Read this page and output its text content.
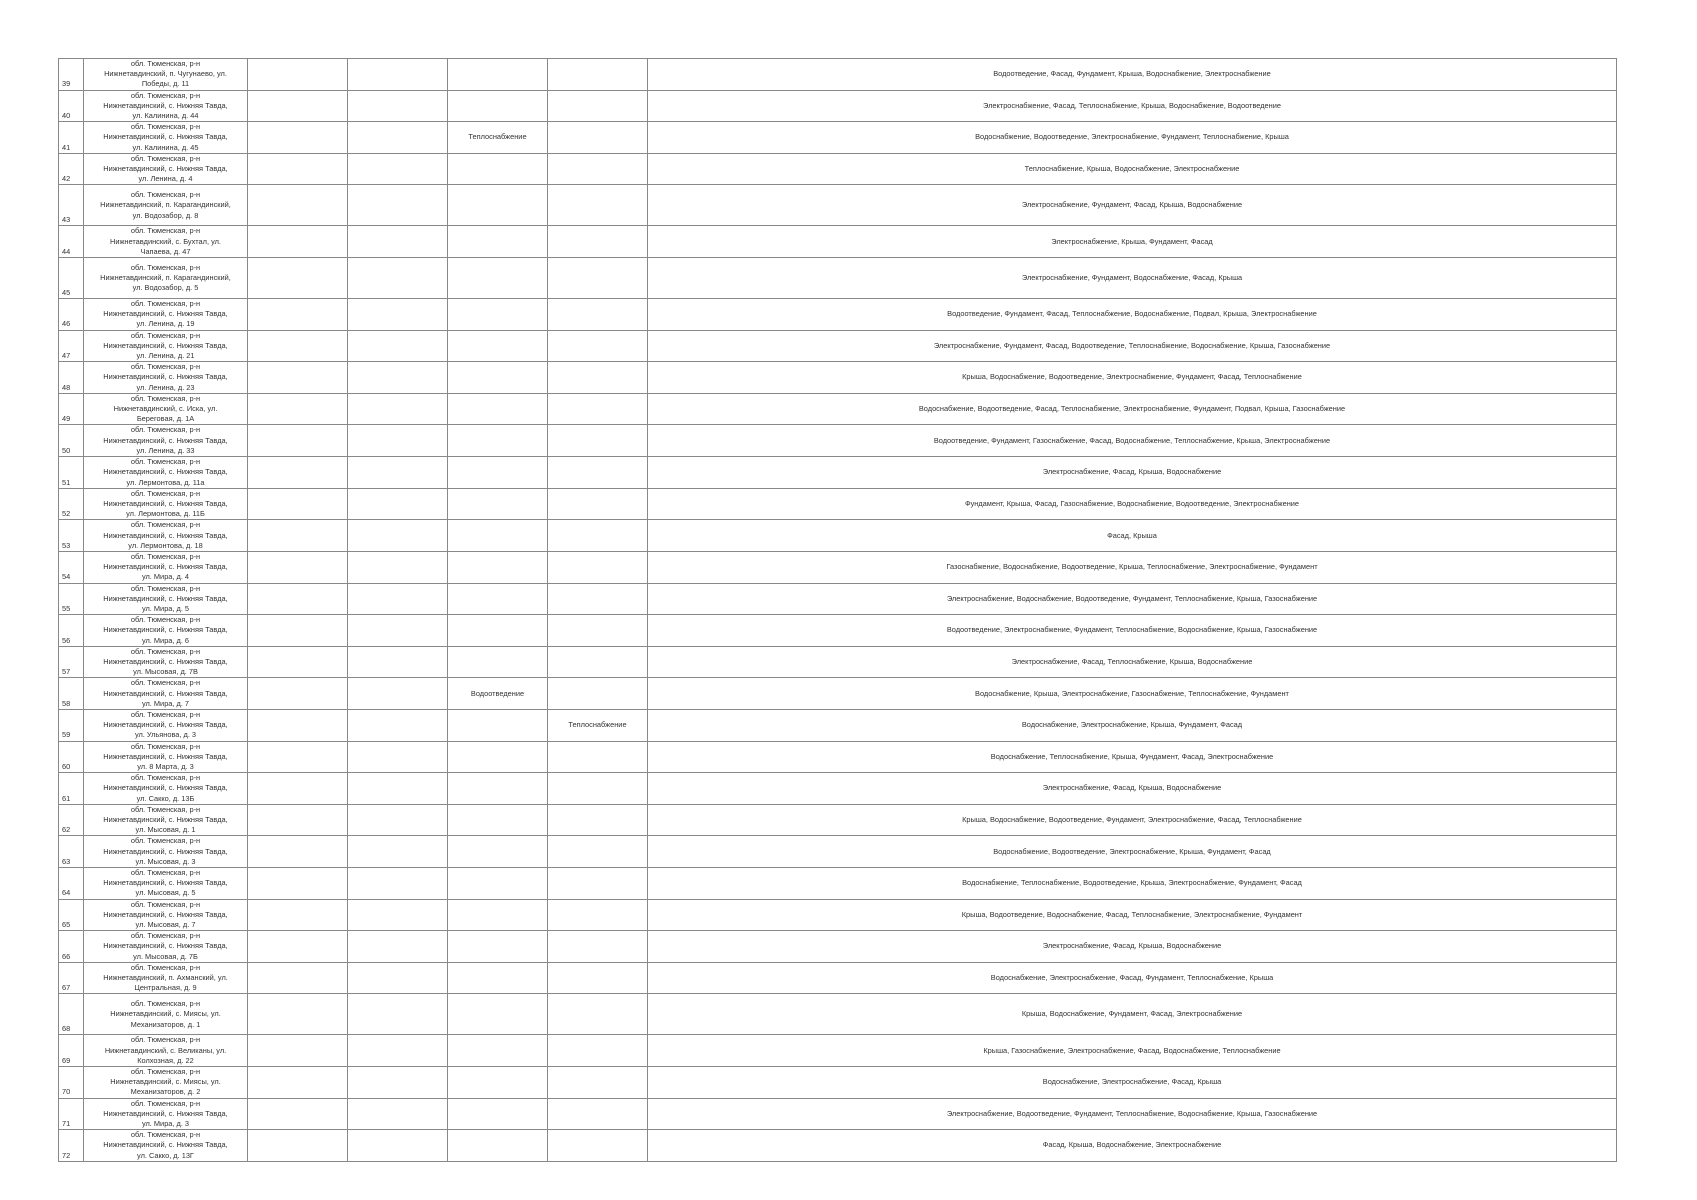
39	обл. Тюменская, р-н
Нижнетавдинский, п. Чугунаево, ул.
Победы, д. 11					Водоотведение, Фасад, Фундамент, Крыша, Водоснабжение, Электроснабжение
40	обл. Тюменская, р-н
Нижнетавдинский, с. Нижняя Тавда,
ул. Калинина, д. 44					Электроснабжение, Фасад, Теплоснабжение, Крыша, Водоснабжение, Водоотведение
41	обл. Тюменская, р-н
Нижнетавдинский, с. Нижняя Тавда,
ул. Калинина, д. 45			Теплоснабжение		Водоснабжение, Водоотведение, Электроснабжение, Фундамент, Теплоснабжение, Крыша
42	обл. Тюменская, р-н
Нижнетавдинский, с. Нижняя Тавда,
ул. Ленина, д. 4					Теплоснабжение, Крыша, Водоснабжение, Электроснабжение
43	обл. Тюменская, р-н
Нижнетавдинский, п. Карагандинский,
ул. Водозабор, д. 8					Электроснабжение, Фундамент, Фасад, Крыша, Водоснабжение
44	обл. Тюменская, р-н
Нижнетавдинский, с. Бухтал, ул.
Чапаева, д. 47					Электроснабжение, Крыша, Фундамент, Фасад
45	обл. Тюменская, р-н
Нижнетавдинский, п. Карагандинский,
ул. Водозабор, д. 5					Электроснабжение, Фундамент, Водоснабжение, Фасад, Крыша
46	обл. Тюменская, р-н
Нижнетавдинский, с. Нижняя Тавда,
ул. Ленина, д. 19					Водоотведение, Фундамент, Фасад, Теплоснабжение, Водоснабжение, Подвал, Крыша, Электроснабжение
47	обл. Тюменская, р-н
Нижнетавдинский, с. Нижняя Тавда,
ул. Ленина, д. 21					Электроснабжение, Фундамент, Фасад, Водоотведение, Теплоснабжение, Водоснабжение, Крыша, Газоснабжение
48	обл. Тюменская, р-н
Нижнетавдинский, с. Нижняя Тавда,
ул. Ленина, д. 23					Крыша, Водоснабжение, Водоотведение, Электроснабжение, Фундамент, Фасад, Теплоснабжение
49	обл. Тюменская, р-н
Нижнетавдинский, с. Иска, ул.
Береговая, д. 1А					Водоснабжение, Водоотведение, Фасад, Теплоснабжение, Электроснабжение, Фундамент, Подвал, Крыша, Газоснабжение
50	обл. Тюменская, р-н
Нижнетавдинский, с. Нижняя Тавда,
ул. Ленина, д. 33					Водоотведение, Фундамент, Газоснабжение, Фасад, Водоснабжение, Теплоснабжение, Крыша, Электроснабжение
51	обл. Тюменская, р-н
Нижнетавдинский, с. Нижняя Тавда,
ул. Лермонтова, д. 11а					Электроснабжение, Фасад, Крыша, Водоснабжение
52	обл. Тюменская, р-н
Нижнетавдинский, с. Нижняя Тавда,
ул. Лермонтова, д. 11Б					Фундамент, Крыша, Фасад, Газоснабжение, Водоснабжение, Водоотведение, Электроснабжение
53	обл. Тюменская, р-н
Нижнетавдинский, с. Нижняя Тавда,
ул. Лермонтова, д. 18					Фасад, Крыша
54	обл. Тюменская, р-н
Нижнетавдинский, с. Нижняя Тавда,
ул. Мира, д. 4					Газоснабжение, Водоснабжение, Водоотведение, Крыша, Теплоснабжение, Электроснабжение, Фундамент
55	обл. Тюменская, р-н
Нижнетавдинский, с. Нижняя Тавда,
ул. Мира, д. 5					Электроснабжение, Водоснабжение, Водоотведение, Фундамент, Теплоснабжение, Крыша, Газоснабжение
56	обл. Тюменская, р-н
Нижнетавдинский, с. Нижняя Тавда,
ул. Мира, д. 6					Водоотведение, Электроснабжение, Фундамент, Теплоснабжение, Водоснабжение, Крыша, Газоснабжение
57	обл. Тюменская, р-н
Нижнетавдинский, с. Нижняя Тавда,
ул. Мысовая, д. 7В					Электроснабжение, Фасад, Теплоснабжение, Крыша, Водоснабжение
58	обл. Тюменская, р-н
Нижнетавдинский, с. Нижняя Тавда,
ул. Мира, д. 7			Водоотведение		Водоснабжение, Крыша, Электроснабжение, Газоснабжение, Теплоснабжение, Фундамент
59	обл. Тюменская, р-н
Нижнетавдинский, с. Нижняя Тавда,
ул. Ульянова, д. 3				Теплоснабжение	Водоснабжение, Электроснабжение, Крыша, Фундамент, Фасад
60	обл. Тюменская, р-н
Нижнетавдинский, с. Нижняя Тавда,
ул. 8 Марта, д. 3					Водоснабжение, Теплоснабжение, Крыша, Фундамент, Фасад, Электроснабжение
61	обл. Тюменская, р-н
Нижнетавдинский, с. Нижняя Тавда,
ул. Сакко, д. 13Б					Электроснабжение, Фасад, Крыша, Водоснабжение
62	обл. Тюменская, р-н
Нижнетавдинский, с. Нижняя Тавда,
ул. Мысовая, д. 1					Крыша, Водоснабжение, Водоотведение, Фундамент, Электроснабжение, Фасад, Теплоснабжение
63	обл. Тюменская, р-н
Нижнетавдинский, с. Нижняя Тавда,
ул. Мысовая, д. 3					Водоснабжение, Водоотведение, Электроснабжение, Крыша, Фундамент, Фасад
64	обл. Тюменская, р-н
Нижнетавдинский, с. Нижняя Тавда,
ул. Мысовая, д. 5					Водоснабжение, Теплоснабжение, Водоотведение, Крыша, Электроснабжение, Фундамент, Фасад
65	обл. Тюменская, р-н
Нижнетавдинский, с. Нижняя Тавда,
ул. Мысовая, д. 7					Крыша, Водоотведение, Водоснабжение, Фасад, Теплоснабжение, Электроснабжение, Фундамент
66	обл. Тюменская, р-н
Нижнетавдинский, с. Нижняя Тавда,
ул. Мысовая, д. 7Б					Электроснабжение, Фасад, Крыша, Водоснабжение
67	обл. Тюменская, р-н
Нижнетавдинский, п. Ахманский, ул.
Центральная, д. 9					Водоснабжение, Электроснабжение, Фасад, Фундамент, Теплоснабжение, Крыша
68	обл. Тюменская, р-н
Нижнетавдинский, с. Миясы, ул.
Механизаторов, д. 1					Крыша, Водоснабжение, Фундамент, Фасад, Электроснабжение
69	обл. Тюменская, р-н
Нижнетавдинский, с. Великаны, ул.
Колхозная, д. 22					Крыша, Газоснабжение, Электроснабжение, Фасад, Водоснабжение, Теплоснабжение
70	обл. Тюменская, р-н
Нижнетавдинский, с. Миясы, ул.
Механизаторов, д. 2					Водоснабжение, Электроснабжение, Фасад, Крыша
71	обл. Тюменская, р-н
Нижнетавдинский, с. Нижняя Тавда,
ул. Мира, д. 3					Электроснабжение, Водоотведение, Фундамент, Теплоснабжение, Водоснабжение, Крыша, Газоснабжение
72	обл. Тюменская, р-н
Нижнетавдинский, с. Нижняя Тавда,
ул. Сакко, д. 13Г					Фасад, Крыша, Водоснабжение, Электроснабжение
